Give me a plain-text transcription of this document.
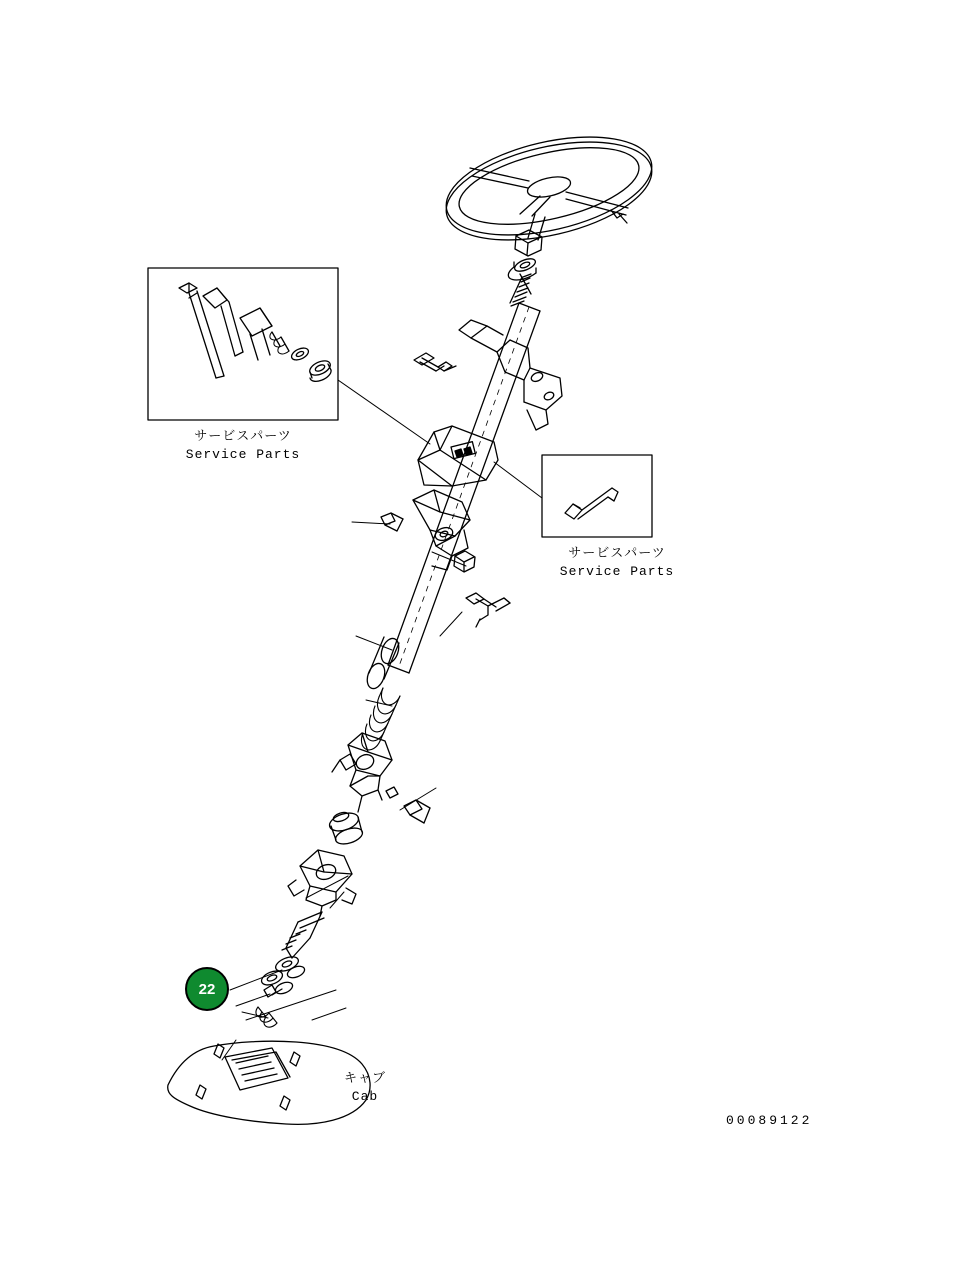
サービスパーツ
Service Parts
サービスパーツ
Service Parts
キャブ
Cab
22
00089122
